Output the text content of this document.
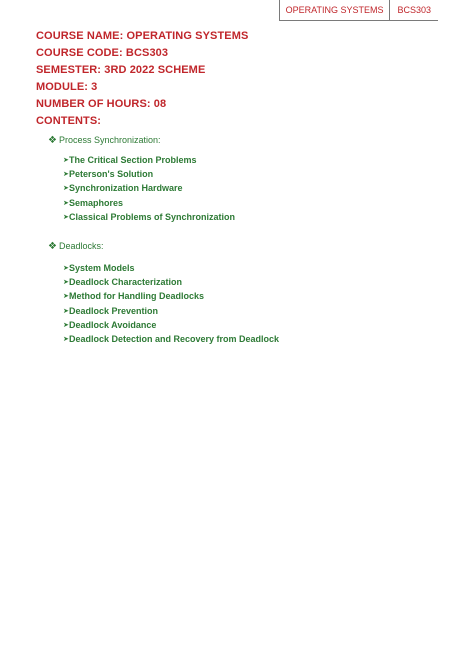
OPERATING SYSTEMS	BCS303
COURSE NAME: OPERATING SYSTEMS
COURSE CODE: BCS303
SEMESTER: 3RD 2022 SCHEME
MODULE: 3
NUMBER OF HOURS: 08
CONTENTS:
❖ Process Synchronization:
➤ The Critical Section Problems
➤ Peterson's Solution
➤ Synchronization Hardware
➤ Semaphores
➤ Classical Problems of Synchronization
❖ Deadlocks:
➤ System Models
➤ Deadlock Characterization
➤ Method for Handling Deadlocks
➤ Deadlock Prevention
➤ Deadlock Avoidance
➤ Deadlock Detection and Recovery from Deadlock
